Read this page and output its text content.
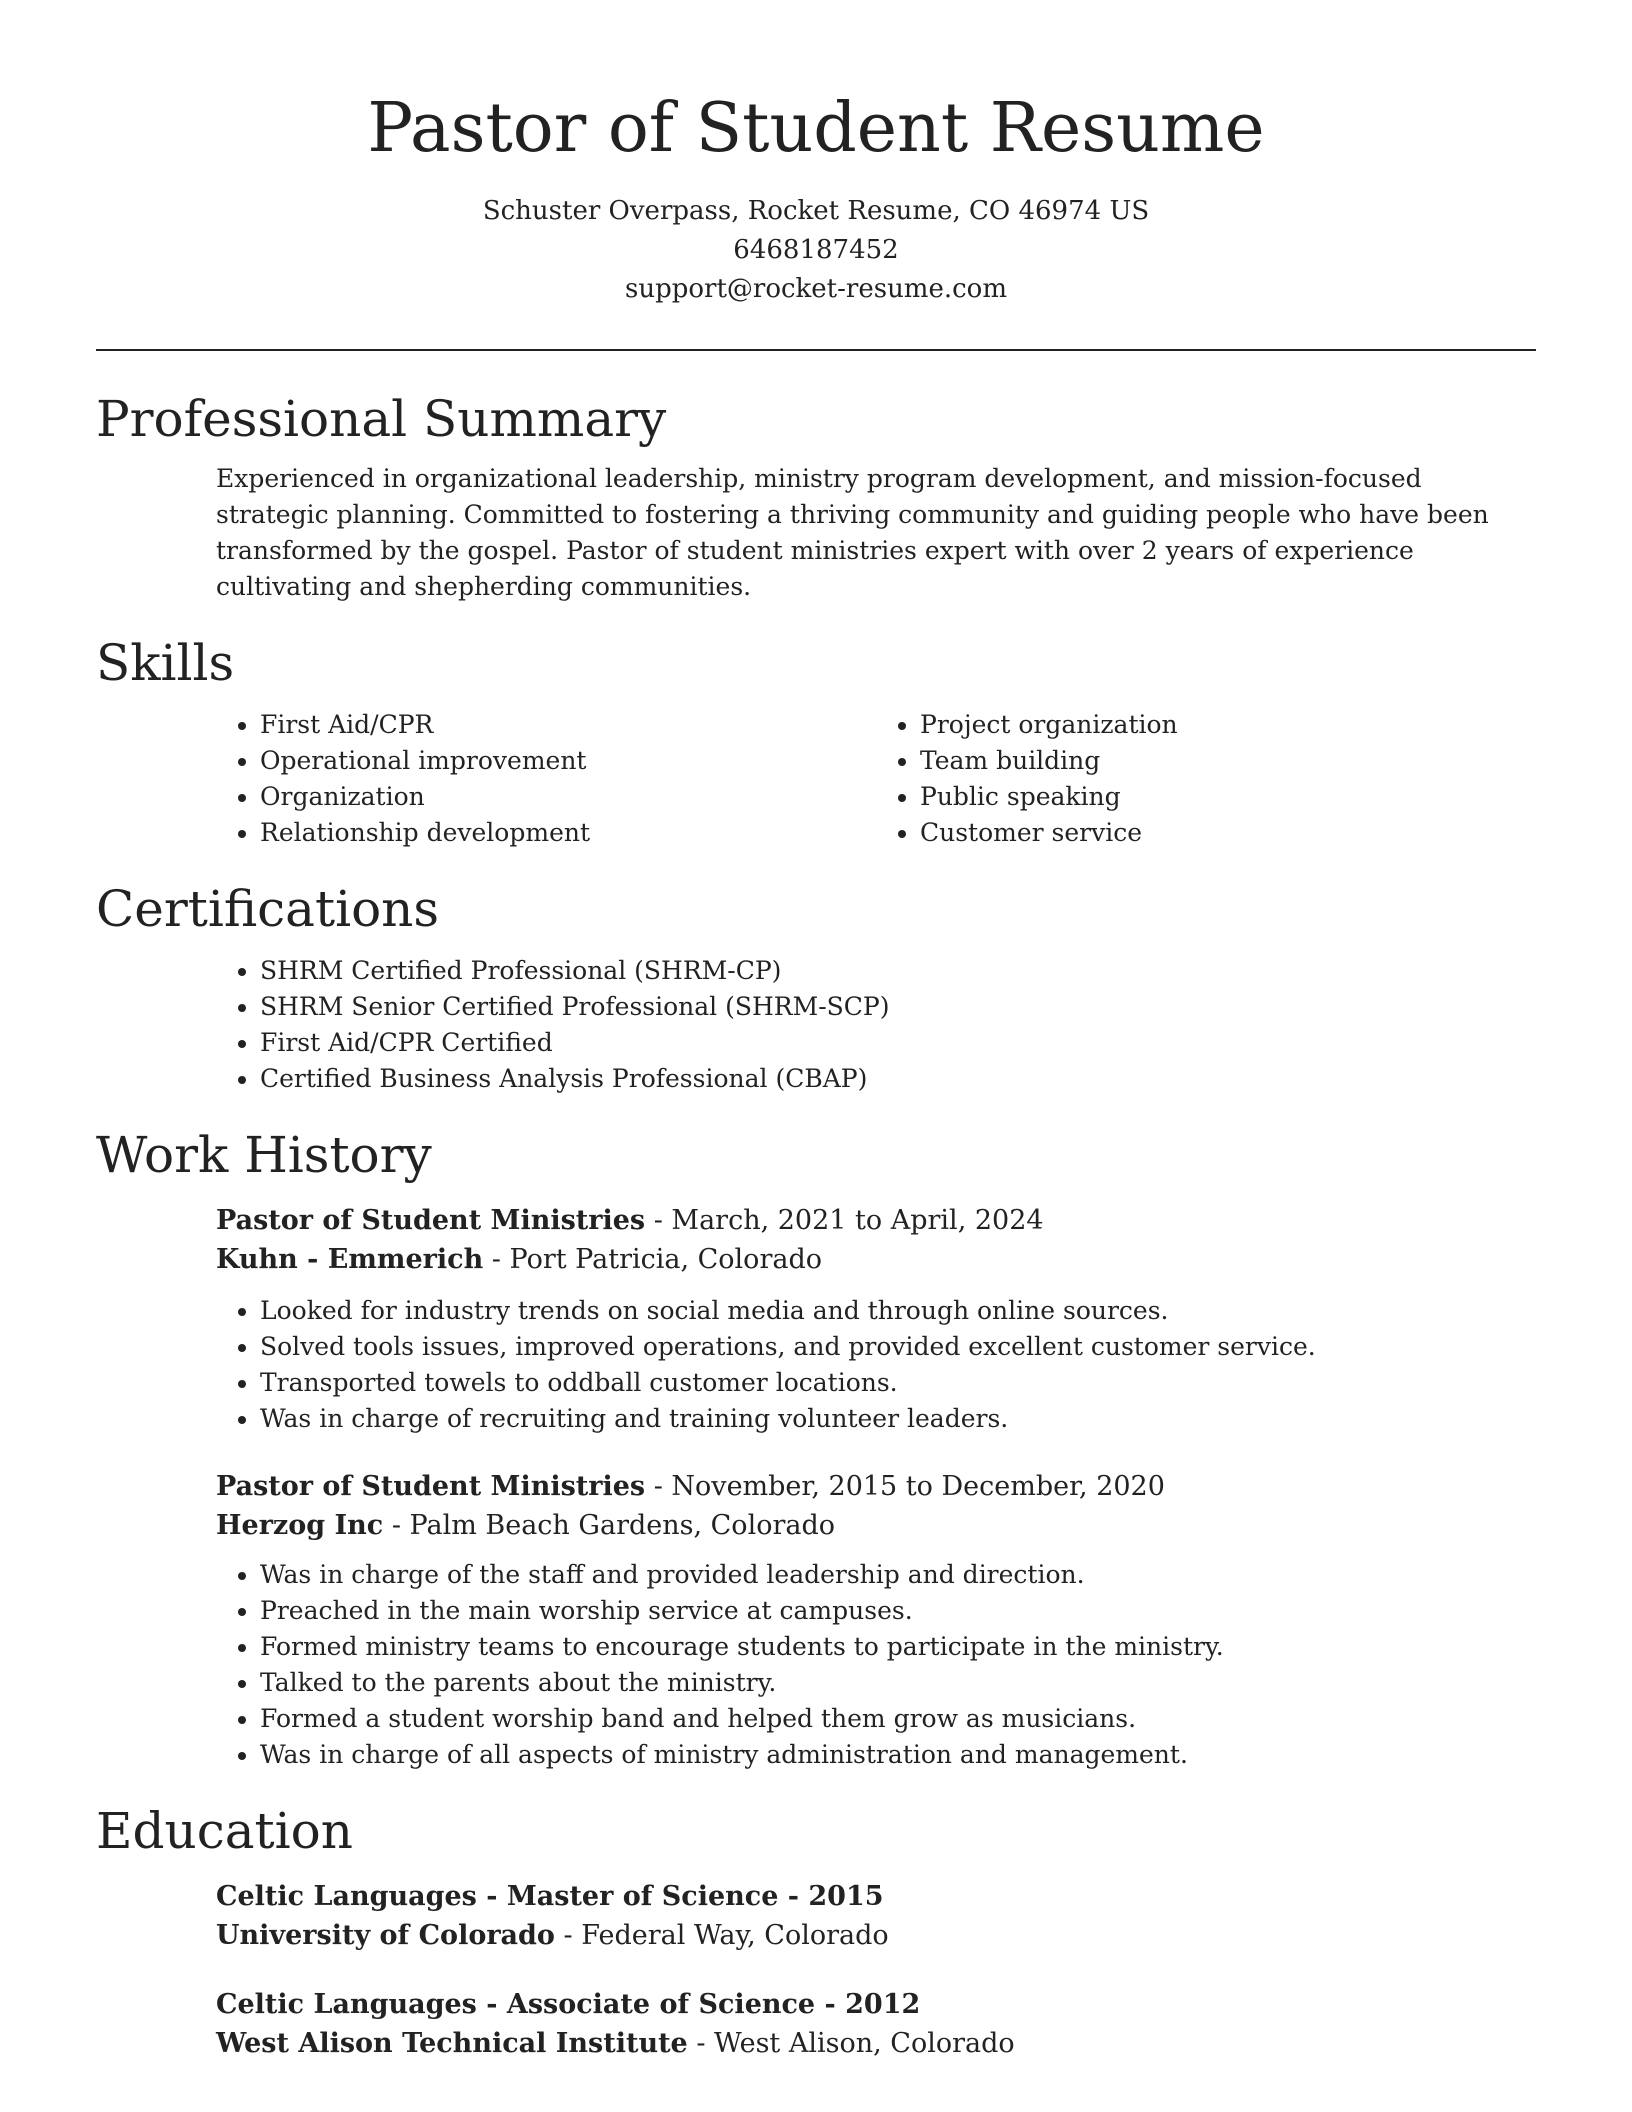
Pastor of Student Resume
Schuster Overpass, Rocket Resume, CO 46974 US
6468187452
support@rocket-resume.com
Professional Summary

Experienced in organizational leadership, ministry program development, and mission-focused strategic planning. Committed to fostering a thriving community and guiding people who have been transformed by the gospel. Pastor of student ministries expert with over 2 years of experience cultivating and shepherding communities.

Skills
• First Aid/CPR
• Operational improvement
• Organization
• Relationship development
• Project organization
• Team building
• Public speaking
• Customer service
Certifications
• SHRM Certified Professional (SHRM-CP)
• SHRM Senior Certified Professional (SHRM-SCP)
• First Aid/CPR Certified
• Certified Business Analysis Professional (CBAP)
Work History
Pastor of Student Ministries - March, 2021 to April, 2024
Kuhn - Emmerich - Port Patricia, Colorado
• Looked for industry trends on social media and through online sources.
• Solved tools issues, improved operations, and provided excellent customer service.
• Transported towels to oddball customer locations.
• Was in charge of recruiting and training volunteer leaders.
Pastor of Student Ministries - November, 2015 to December, 2020
Herzog Inc - Palm Beach Gardens, Colorado
• Was in charge of the staff and provided leadership and direction.
• Preached in the main worship service at campuses.
• Formed ministry teams to encourage students to participate in the ministry.
• Talked to the parents about the ministry.
• Formed a student worship band and helped them grow as musicians.
• Was in charge of all aspects of ministry administration and management.
Education
Celtic Languages - Master of Science - 2015
University of Colorado - Federal Way, Colorado
Celtic Languages - Associate of Science - 2012
West Alison Technical Institute - West Alison, Colorado
